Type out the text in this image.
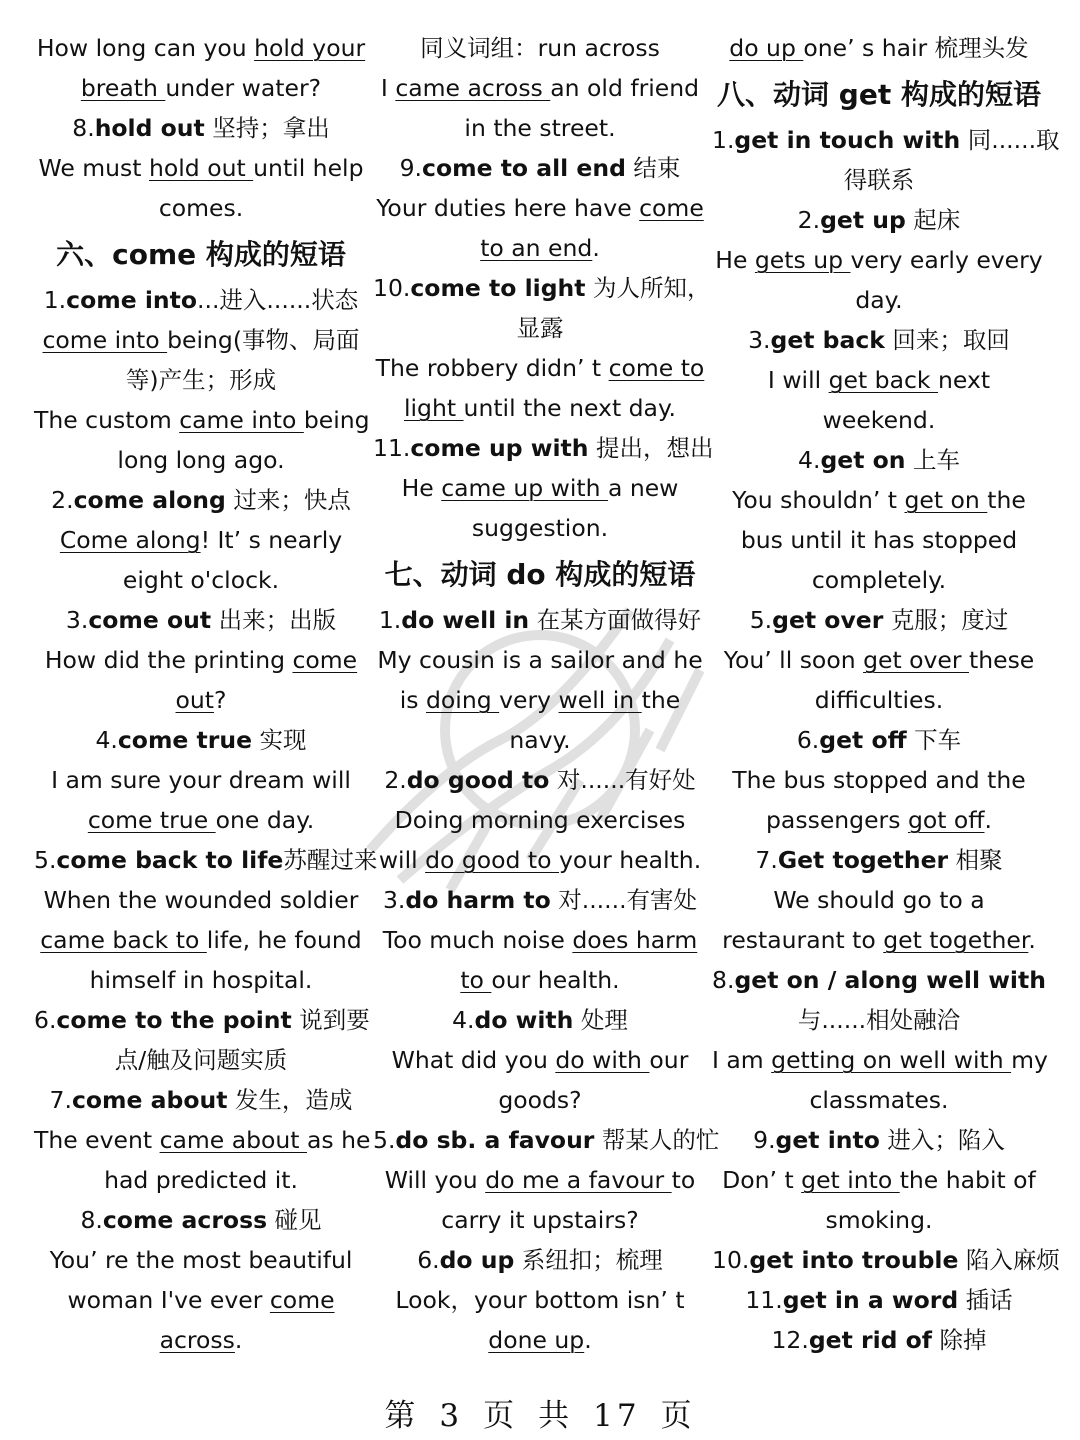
How long can you hold your
breath under water?
8.hold out 坚持；拿出
We must hold out until help
comes.
六、come 构成的短语
1.come into...进入......状态
come into being(事物、局面
等)产生；形成
The custom came into being
long long ago.
2.come along 过来；快点
Come along! It’ s nearly
eight o'clock.
3.come out 出来；出版
How did the printing come
out?
4.come true 实现
I am sure your dream will
come true one day.
5.come back to life苏醒过来
When the wounded soldier
came back to life, he found
himself in hospital.
6.come to the point 说到要
点/触及问题实质
7.come about 发生，造成
The event came about as he
had predicted it.
8.come across 碰见
You’ re the most beautiful
woman I've ever come
across.
同义词组：run across
I came across an old friend
in the street.
9.come to all end 结束
Your duties here have come
to an end.
10.come to light 为人所知，
显露
The robbery didn’ t come to
light until the next day.
11.come up with 提出，想出
He came up with a new
suggestion.
七、动词 do 构成的短语
1.do well in 在某方面做得好
My cousin is a sailor and he
is doing very well in the
navy.
2.do good to 对......有好处
Doing morning exercises
will do good to your health.
3.do harm to 对......有害处
Too much noise does harm
to our health.
4.do with 处理
What did you do with our
goods?
5.do sb. a favour 帮某人的忙
Will you do me a favour to
carry it upstairs?
6.do up 系纽扣；梳理
Look，your bottom isn’ t
done up.
do up one’ s hair 梳理头发
八、动词 get 构成的短语
1.get in touch with 同......取
得联系
2.get up 起床
He gets up very early every
day.
3.get back 回来；取回
I will get back next
weekend.
4.get on 上车
You shouldn’ t get on the
bus until it has stopped
completely.
5.get over 克服；度过
You’ ll soon get over these
difficulties.
6.get off 下车
The bus stopped and the
passengers got off.
7.Get together 相聚
We should go to a
restaurant to get together.
8.get on / along well with
与......相处融洽
I am getting on well with my
classmates.
9.get into 进入；陷入
Don’ t get into the habit of
smoking.
10.get into trouble 陷入麻烦
11.get in a word 插话
12.get rid of 除掉
第 3 页 共 17 页
